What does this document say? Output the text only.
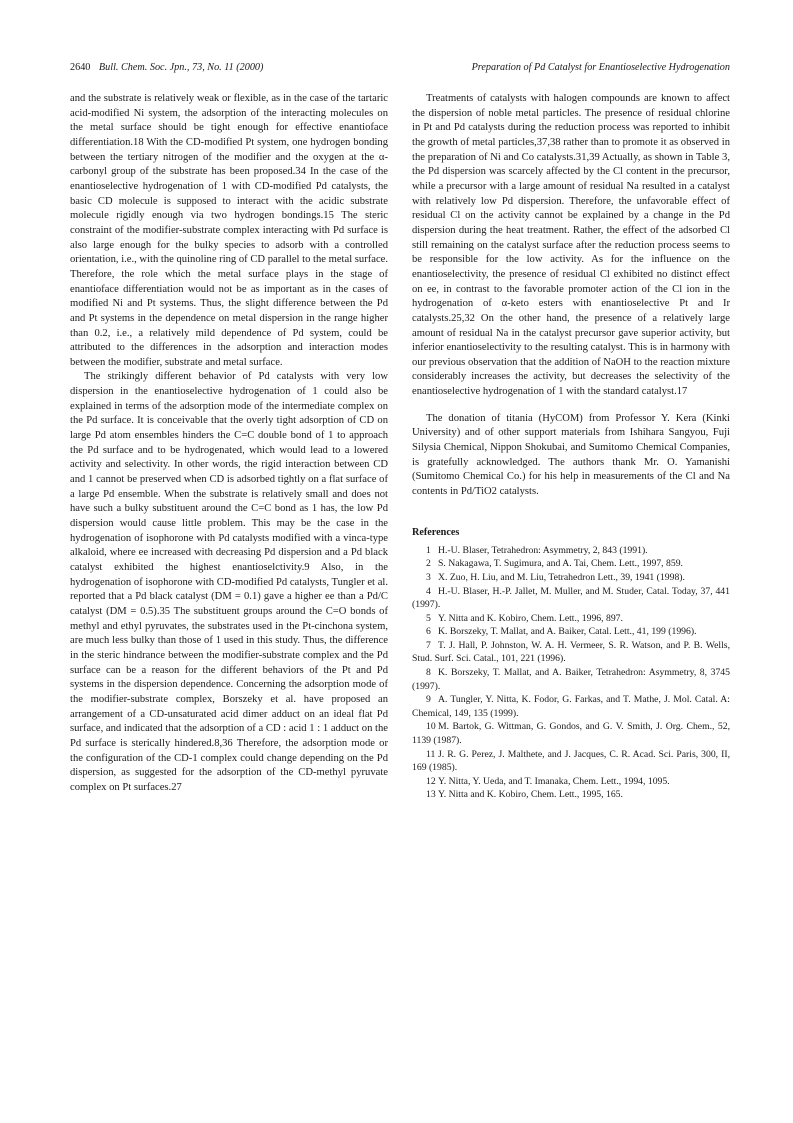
2640 Bull. Chem. Soc. Jpn., 73, No. 11 (2000)	Preparation of Pd Catalyst for Enantioselective Hydrogenation

and the substrate is relatively weak or flexible, as in the case of the tartaric acid-modified Ni system, the adsorption of the interacting molecules on the metal surface should be tight enough for effective enantioface differentiation.18 With the CD-modified Pt system, one hydrogen bonding between the tertiary nitrogen of the modifier and the oxygen at the α-carbonyl group of the substrate has been proposed.34 In the case of the enantioselective hydrogenation of 1 with CD-modified Pd catalysts, the basic CD molecule is supposed to interact with the acidic substrate molecule rigidly enough via two hydrogen bondings.15 The steric constraint of the modifier-substrate complex interacting with Pd surface is also large enough for the bulky species to adsorb with a controlled orientation, i.e., with the quinoline ring of CD parallel to the metal surface. Therefore, the role which the metal surface plays in the stage of enantioface differentiation would not be as important as in the cases of modified Ni and Pt systems. Thus, the slight difference between the Pd and Pt systems in the dependence on metal dispersion in the range higher than 0.2, i.e., a relatively mild dependence of Pd system, could be attributed to the differences in the adsorption and interaction modes between the modifier, substrate and metal surface.

The strikingly different behavior of Pd catalysts with very low dispersion in the enantioselective hydrogenation of 1 could also be explained in terms of the adsorption mode of the intermediate complex on the Pd surface. It is conceivable that the overly tight adsorption of CD on large Pd atom ensembles hinders the C=C double bond of 1 to approach the Pd surface and to be hydrogenated, which would lead to a lowered activity and selectivity. In other words, the rigid interaction between CD and 1 cannot be preserved when CD is adsorbed tightly on a flat surface of a large Pd ensemble. When the substrate is relatively small and does not have such a bulky substituent around the C=C bond as 1 has, the low Pd dispersion would cause little problem. This may be the case in the hydrogenation of isophorone with Pd catalysts modified with a vinca-type alkaloid, where ee increased with decreasing Pd dispersion and a Pd black catalyst exhibited the highest enantioselctivity.9 Also, in the hydrogenation of isophorone with CD-modified Pd catalysts, Tungler et al. reported that a Pd black catalyst (DM = 0.1) gave a higher ee than a Pd/C catalyst (DM = 0.5).35 The substituent groups around the C=O bonds of methyl and ethyl pyruvates, the substrates used in the Pt-cinchona system, are much less bulky than those of 1 used in this study. Thus, the difference in the steric hindrance between the modifier-substrate complex and the Pd surface can be a reason for the different behaviors of the Pt and Pd systems in the dispersion dependence. Concerning the adsorption mode of the modifier-substrate complex, Borszeky et al. have proposed an arrangement of a CD-unsaturated acid dimer adduct on an ideal flat Pd surface, and indicated that the adsorption of a CD : acid 1 : 1 adduct on the Pd surface is sterically hindered.8,36 Therefore, the adsorption mode or the configuration of the CD-1 complex could change depending on the Pd dispersion, as suggested for the adsorption of the CD-methyl pyruvate complex on Pt surfaces.27

Treatments of catalysts with halogen compounds are known to affect the dispersion of noble metal particles. The presence of residual chlorine in Pt and Pd catalysts during the reduction process was reported to inhibit the growth of metal particles,37,38 rather than to promote it as observed in the preparation of Ni and Co catalysts.31,39 Actually, as shown in Table 3, the Pd dispersion was scarcely affected by the Cl content in the precursor, while a precursor with a large amount of residual Na resulted in a catalyst with relatively low Pd dispersion. Therefore, the unfavorable effect of residual Cl on the activity cannot be explained by a change in the Pd dispersion during the heat treatment. Rather, the effect of the adsorbed Cl still remaining on the catalyst surface after the reduction process seems to be responsible for the low activity. As for the influence on the enantioselectivity, the presence of residual Cl exhibited no distinct effect on ee, in contrast to the favorable promoter action of the Cl ion in the hydrogenation of α-keto esters with enantioselective Pt and Ir catalysts.25,32 On the other hand, the presence of a relatively large amount of residual Na in the catalyst precursor gave superior activity, but inferior enantioselectivity to the resulting catalyst. This is in harmony with our previous observation that the addition of NaOH to the reaction mixture considerably increases the activity, but decreases the selectivity of the enantioselective hydrogenation of 1 with the standard catalyst.17

The donation of titania (HyCOM) from Professor Y. Kera (Kinki University) and of other support materials from Ishihara Sangyou, Fuji Silysia Chemical, Nippon Shokubai, and Sumitomo Chemical Companies, is gratefully acknowledged. The authors thank Mr. O. Yamanishi (Sumitomo Chemical Co.) for his help in measurements of the Cl and Na contents in Pd/TiO2 catalysts.

References
1 H.-U. Blaser, Tetrahedron: Asymmetry, 2, 843 (1991).
2 S. Nakagawa, T. Sugimura, and A. Tai, Chem. Lett., 1997, 859.
3 X. Zuo, H. Liu, and M. Liu, Tetrahedron Lett., 39, 1941 (1998).
4 H.-U. Blaser, H.-P. Jallet, M. Muller, and M. Studer, Catal. Today, 37, 441 (1997).
5 Y. Nitta and K. Kobiro, Chem. Lett., 1996, 897.
6 K. Borszeky, T. Mallat, and A. Baiker, Catal. Lett., 41, 199 (1996).
7 T. J. Hall, P. Johnston, W. A. H. Vermeer, S. R. Watson, and P. B. Wells, Stud. Surf. Sci. Catal., 101, 221 (1996).
8 K. Borszeky, T. Mallat, and A. Baiker, Tetrahedron: Asymmetry, 8, 3745 (1997).
9 A. Tungler, Y. Nitta, K. Fodor, G. Farkas, and T. Mathe, J. Mol. Catal. A: Chemical, 149, 135 (1999).
10 M. Bartok, G. Wittman, G. Gondos, and G. V. Smith, J. Org. Chem., 52, 1139 (1987).
11 J. R. G. Perez, J. Malthete, and J. Jacques, C. R. Acad. Sci. Paris, 300, II, 169 (1985).
12 Y. Nitta, Y. Ueda, and T. Imanaka, Chem. Lett., 1994, 1095.
13 Y. Nitta and K. Kobiro, Chem. Lett., 1995, 165.
